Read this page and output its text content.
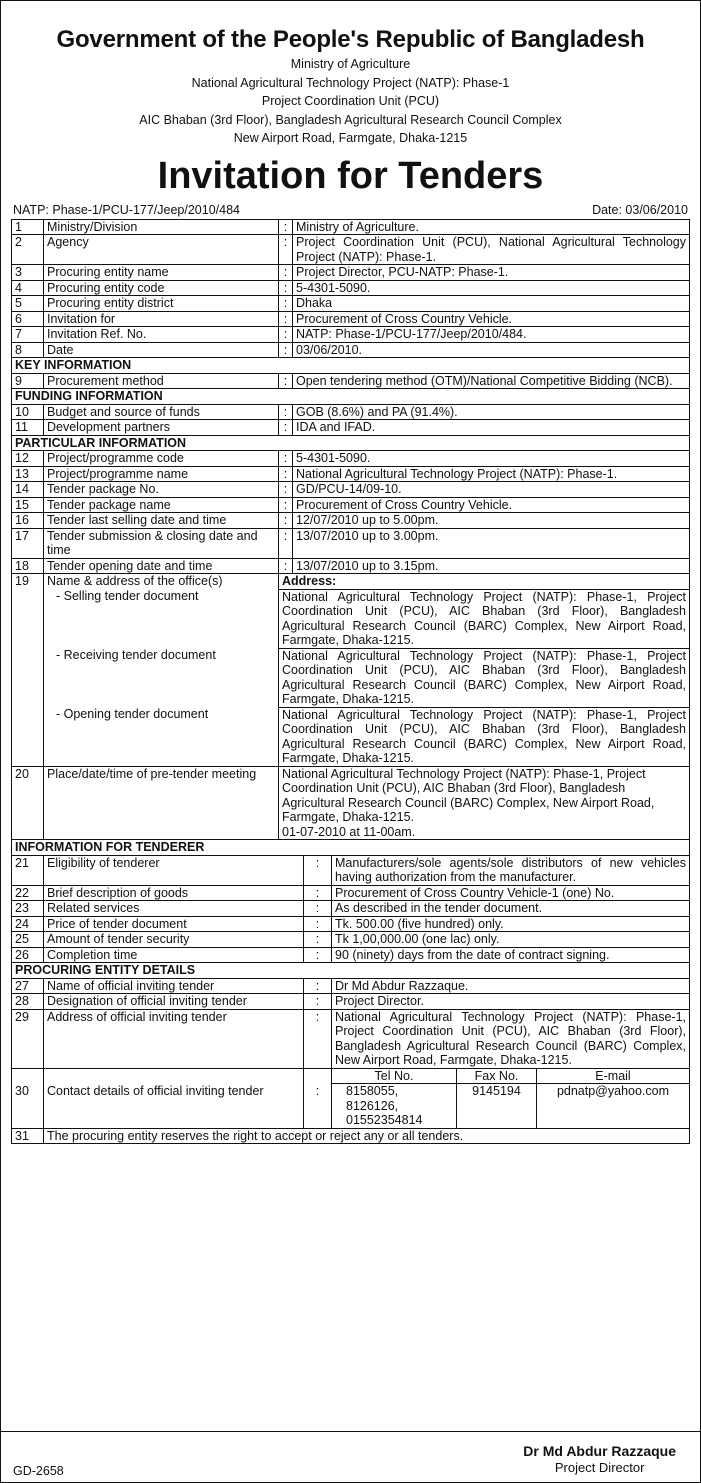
Government of the People's Republic of Bangladesh
Ministry of Agriculture
National Agricultural Technology Project (NATP): Phase-1
Project Coordination Unit (PCU)
AIC Bhaban (3rd Floor), Bangladesh Agricultural Research Council Complex
New Airport Road, Farmgate, Dhaka-1215
Invitation for Tenders
NATP: Phase-1/PCU-177/Jeep/2010/484	Date: 03/06/2010
1	Ministry/Division	:	Ministry of Agriculture.
2	Agency	:	Project Coordination Unit (PCU), National Agricultural Technology Project (NATP): Phase-1.
3	Procuring entity name	:	Project Director, PCU-NATP: Phase-1.
4	Procuring entity code	:	5-4301-5090.
5	Procuring entity district	:	Dhaka
6	Invitation for	:	Procurement of Cross Country Vehicle.
7	Invitation Ref. No.	:	NATP: Phase-1/PCU-177/Jeep/2010/484.
8	Date	:	03/06/2010.
KEY INFORMATION			
9	Procurement method	:	Open tendering method (OTM)/National Competitive Bidding (NCB).
FUNDING INFORMATION			
10	Budget and source of funds	:	GOB (8.6%) and PA (91.4%).
11	Development partners	:	IDA and IFAD.
PARTICULAR INFORMATION			
12	Project/programme code	:	5-4301-5090.
13	Project/programme name	:	National Agricultural Technology Project (NATP): Phase-1.
14	Tender package No.	:	GD/PCU-14/09-10.
15	Tender package name	:	Procurement of Cross Country Vehicle.
16	Tender last selling date and time	:	12/07/2010 up to 5.00pm.
17	Tender submission & closing date and time	:	13/07/2010 up to 3.00pm.
18	Tender opening date and time	:	13/07/2010 up to 3.15pm.
19	Name & address of the office(s)	Address:	
	- Selling tender document	National Agricultural Technology Project (NATP): Phase-1, Project Coordination Unit (PCU), AIC Bhaban (3rd Floor), Bangladesh Agricultural Research Council (BARC) Complex, New Airport Road, Farmgate, Dhaka-1215.	
	- Receiving tender document	National Agricultural Technology Project (NATP): Phase-1, Project Coordination Unit (PCU), AIC Bhaban (3rd Floor), Bangladesh Agricultural Research Council (BARC) Complex, New Airport Road, Farmgate, Dhaka-1215.	
	- Opening tender document	National Agricultural Technology Project (NATP): Phase-1, Project Coordination Unit (PCU), AIC Bhaban (3rd Floor), Bangladesh Agricultural Research Council (BARC) Complex, New Airport Road, Farmgate, Dhaka-1215.	
20	Place/date/time of pre-tender meeting	National Agricultural Technology Project (NATP): Phase-1, Project Coordination Unit (PCU), AIC Bhaban (3rd Floor), Bangladesh Agricultural Research Council (BARC) Complex, New Airport Road, Farmgate, Dhaka-1215.
01-07-2010 at 11-00am.	
INFORMATION FOR TENDERER					
21	Eligibility of tenderer	:	Manufacturers/sole agents/sole distributors of new vehicles having authorization from the manufacturer.		
22	Brief description of goods	:	Procurement of Cross Country Vehicle-1 (one) No.		
23	Related services	:	As described in the tender document.		
24	Price of tender document	:	Tk. 500.00 (five hundred) only.		
25	Amount of tender security	:	Tk 1,00,000.00 (one lac) only.		
26	Completion time	:	90 (ninety) days from the date of contract signing.		
PROCURING ENTITY DETAILS					
27	Name of official inviting tender	:	Dr Md Abdur Razzaque.		
28	Designation of official inviting tender	:	Project Director.		
29	Address of official inviting tender	:	National Agricultural Technology Project (NATP): Phase-1, Project Coordination Unit (PCU), AIC Bhaban (3rd Floor), Bangladesh Agricultural Research Council (BARC) Complex, New Airport Road, Farmgate, Dhaka-1215.		
			Tel No.	Fax No.	E-mail
30	Contact details of official inviting tender	:	8158055, 8126126, 01552354814	9145194	pdnatp@yahoo.com
31	The procuring entity reserves the right to accept or reject any or all tenders.				
GD-2658
Dr Md Abdur Razzaque
Project Director
